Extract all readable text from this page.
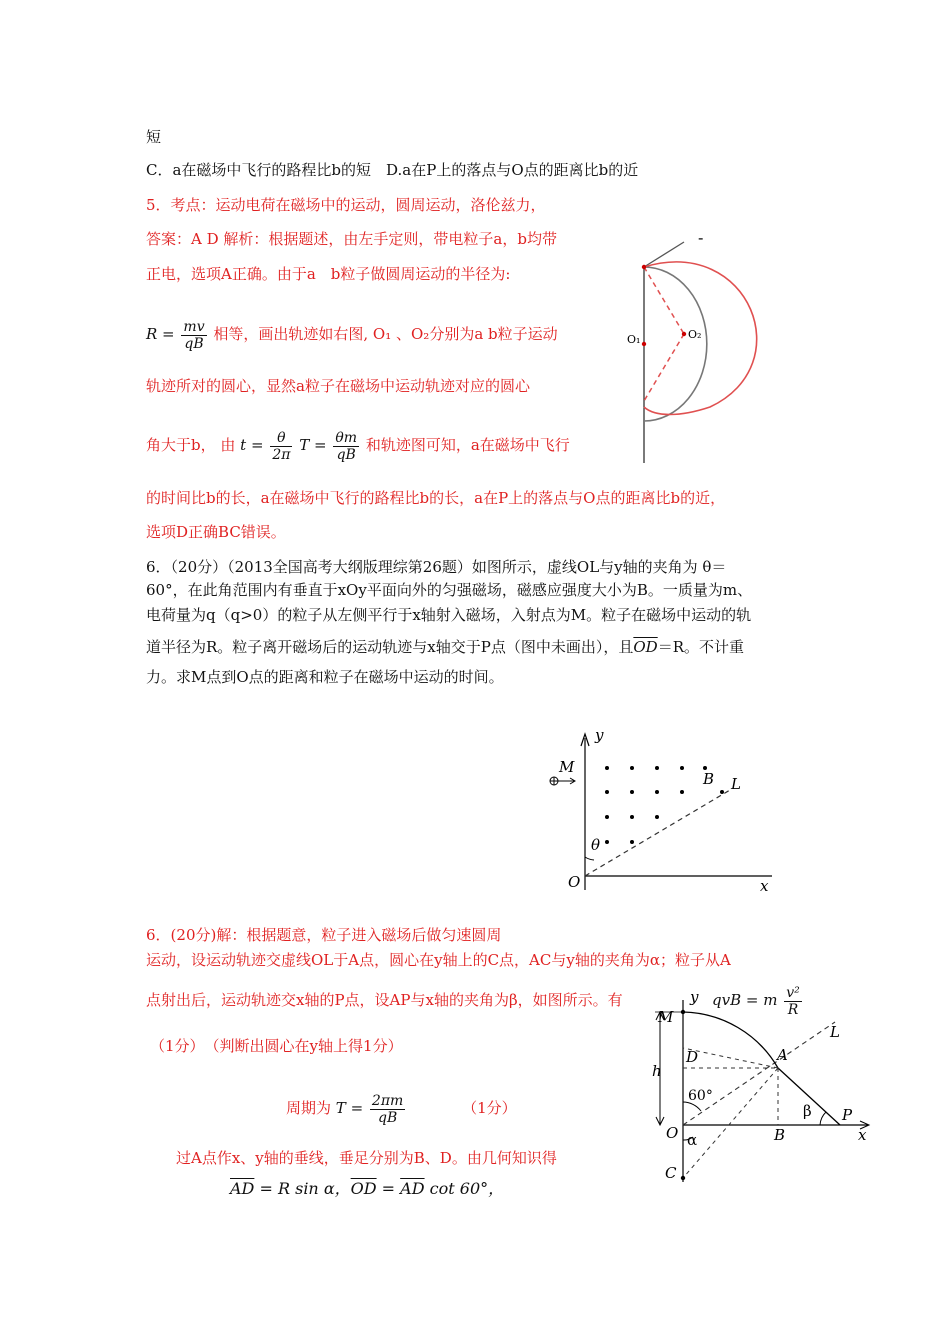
短
C．a在磁场中飞行的路程比b的短　D.a在P上的落点与O点的距离比b的近
5．考点：运动电荷在磁场中的运动，圆周运动，洛伦兹力，
答案：A D 解析：根据题述，由左手定则，带电粒子a，b均带
正电，选项A正确。由于a　b粒子做圆周运动的半径为:
$R = \frac{mv}{qB}$ 相等，画出轨迹如右图, O₁ 、O₂分别为a b粒子运动
轨迹所对的圆心，显然a粒子在磁场中运动轨迹对应的圆心
角大于b， 由 $t = \frac{\theta}{2\pi}$ $T = \frac{\theta m}{qB}$ 和轨迹图可知，a在磁场中飞行
的时间比b的长，a在磁场中飞行的路程比b的长，a在P上的落点与O点的距离比b的近，
选项D正确BC错误。
-
O₁	O₂
6．（20分）（2013全国高考大纲版理综第26题）如图所示，虚线OL与y轴的夹角为 θ＝
60°，在此角范围内有垂直于xOy平面向外的匀强磁场，磁感应强度大小为B。一质量为m、
电荷量为q（q>0）的粒子从左侧平行于x轴射入磁场，入射点为M。粒子在磁场中运动的轨
道半径为R。粒子离开磁场后的运动轨迹与x轴交于P点（图中未画出），且$\overline{OD}=R$。不计重
力。求M点到O点的距离和粒子在磁场中运动的时间。
y
M
B L
θ
O	x
6．(20分)解：根据题意，粒子进入磁场后做匀速圆周
运动，设运动轨迹交虚线OL于A点，圆心在y轴上的C点，AC与y轴的夹角为α；粒子从A
点射出后，运动轨迹交x轴的P点，设AP与x轴的夹角为β，如图所示。有	qvB = m $\frac{\text{v²}}{R}$
（1分）　（判断出圆心在y轴上得1分）
周期为 $T = \frac{2\pi m}{qB}$	（1分）
过A点作x、y轴的垂线，垂足分别为B、D。由几何知识得
$\overline{AD} = R$ sin α，$\overline{OD} = \overline{AD}$ cot 60°，
y
M
L
D	A
h
60°
β P
O	B	x
α
C
